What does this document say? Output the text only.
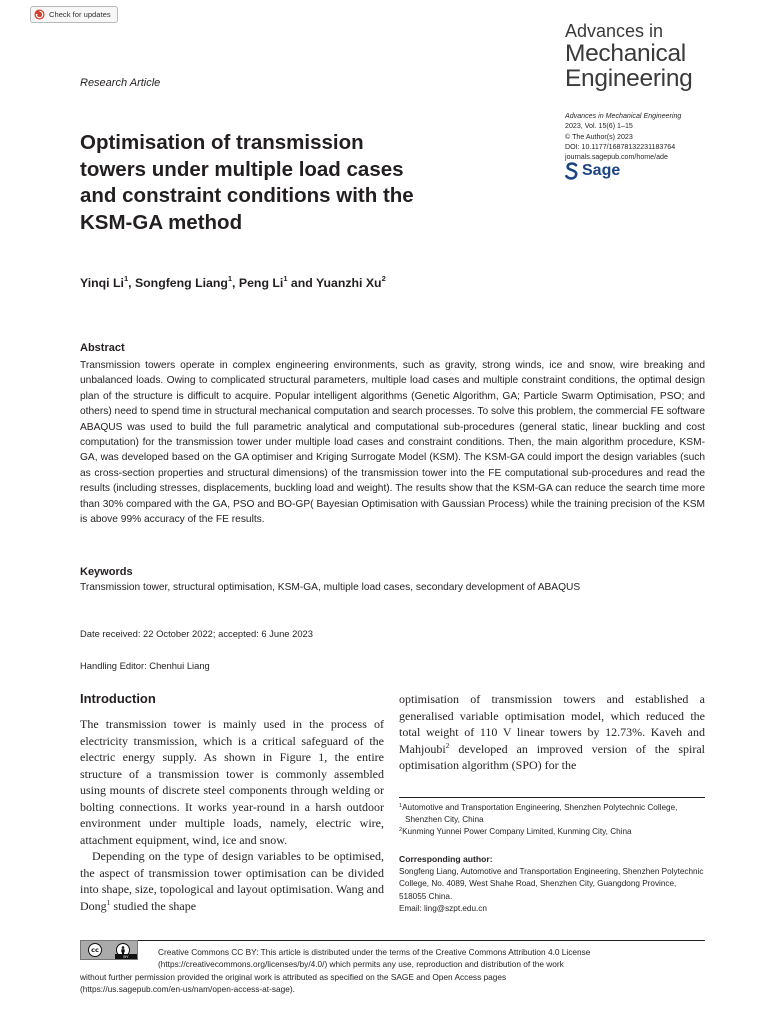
Check for updates
Advances in
Mechanical
Engineering
Advances in Mechanical Engineering
2023, Vol. 15(6) 1–15
© The Author(s) 2023
DOI: 10.1177/16878132231183764
journals.sagepub.com/home/ade
Sage
Research Article
Optimisation of transmission towers under multiple load cases and constraint conditions with the KSM-GA method
Yinqi Li$^1$, Songfeng Liang$^1$, Peng Li$^1$ and Yuanzhi Xu$^2$
Abstract

Transmission towers operate in complex engineering environments, such as gravity, strong winds, ice and snow, wire breaking and unbalanced loads. Owing to complicated structural parameters, multiple load cases and multiple constraint conditions, the optimal design plan of the structure is difficult to acquire. Popular intelligent algorithms (Genetic Algorithm, GA; Particle Swarm Optimisation, PSO; and others) need to spend time in structural mechanical computation and search processes. To solve this problem, the commercial FE software ABAQUS was used to build the full parametric analytical and computational sub-procedures (general static, linear buckling and cost computation) for the transmission tower under multiple load cases and constraint conditions. Then, the main algorithm procedure, KSM-GA, was developed based on the GA optimiser and Kriging Surrogate Model (KSM). The KSM-GA could import the design variables (such as cross-section properties and structural dimensions) of the transmission tower into the FE computational sub-procedures and read the results (including stresses, displacements, buckling load and weight). The results show that the KSM-GA can reduce the search time more than 30% compared with the GA, PSO and BO-GP( Bayesian Optimisation with Gaussian Process) while the training precision of the KSM is above 99% accuracy of the FE results.

Keywords
Transmission tower, structural optimisation, KSM-GA, multiple load cases, secondary development of ABAQUS
Date received: 22 October 2022; accepted: 6 June 2023
Handling Editor: Chenhui Liang
Introduction

The transmission tower is mainly used in the process of electricity transmission, which is a critical safeguard of the electric energy supply. As shown in Figure 1, the entire structure of a transmission tower is commonly assembled using mounts of discrete steel components through welding or bolting connections. It works year-round in a harsh outdoor environment under multiple loads, namely, electric wire, attachment equipment, wind, ice and snow.

Depending on the type of design variables to be optimised, the aspect of transmission tower optimisation can be divided into shape, size, topological and layout optimisation. Wang and Dong$^1$ studied the shape

optimisation of transmission towers and established a generalised variable optimisation model, which reduced the total weight of 110 V linear towers by 12.73%. Kaveh and Mahjoubi$^2$ developed an improved version of the spiral optimisation algorithm (SPO) for the

$^1$Automotive and Transportation Engineering, Shenzhen Polytechnic College, Shenzhen City, China
$^2$Kunming Yunnei Power Company Limited, Kunming City, China
Corresponding author:
Songfeng Liang, Automotive and Transportation Engineering, Shenzhen Polytechnic College, No. 4089, West Shahe Road, Shenzhen City, Guangdong Province, 518055 China.
Email: ling@szpt.edu.cn
cc
BY	Creative Commons CC BY: This article is distributed under the terms of the Creative Commons Attribution 4.0 License
(https://creativecommons.org/licenses/by/4.0/) which permits any use, reproduction and distribution of the work
without further permission provided the original work is attributed as specified on the SAGE and Open Access pages
(https://us.sagepub.com/en-us/nam/open-access-at-sage).
